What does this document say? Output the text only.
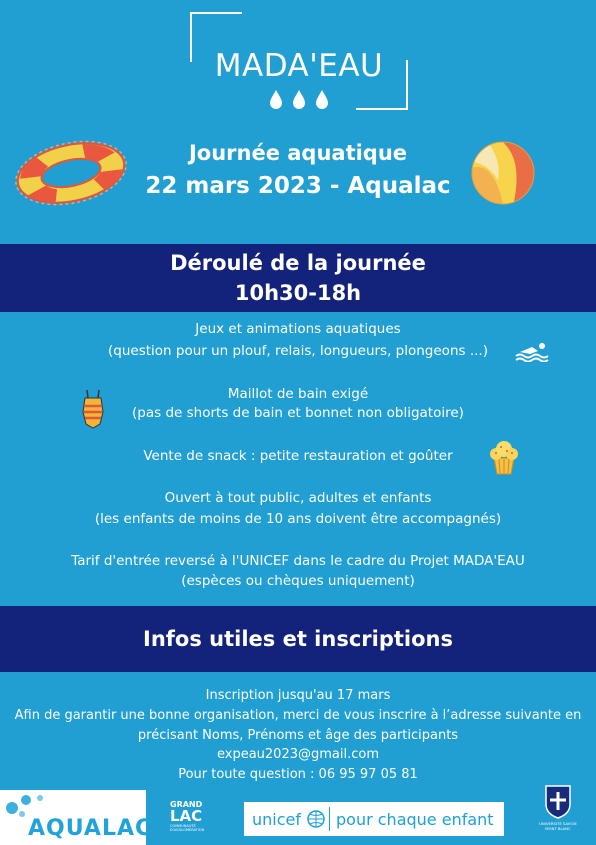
MADA'EAU
Journée aquatique
22 mars 2023 - Aqualac
Déroulé de la journée
10h30-18h
Jeux et animations aquatiques
(question pour un plouf, relais, longueurs, plongeons ...)
Maillot de bain exigé
(pas de shorts de bain et bonnet non obligatoire)
Vente de snack : petite restauration et goûter
Ouvert à tout public, adultes et enfants
(les enfants de moins de 10 ans doivent être accompagnés)
Tarif d'entrée reversé à l'UNICEF dans le cadre du Projet MADA'EAU
(espèces ou chèques uniquement)
Infos utiles et inscriptions
Inscription jusqu'au 17 mars
Afin de garantir une bonne organisation, merci de vous inscrire à l’adresse suivante en
précisant Noms, Prénoms et âge des participants
expeau2023@gmail.com
Pour toute question : 06 95 97 05 81
AQUALAC
GRAND
LAC
COMMUNAUTÉ D'AGGLOMÉRATION
unicef pour chaque enfant	UNIVERSITÉ SAVOIE MONT BLANC
